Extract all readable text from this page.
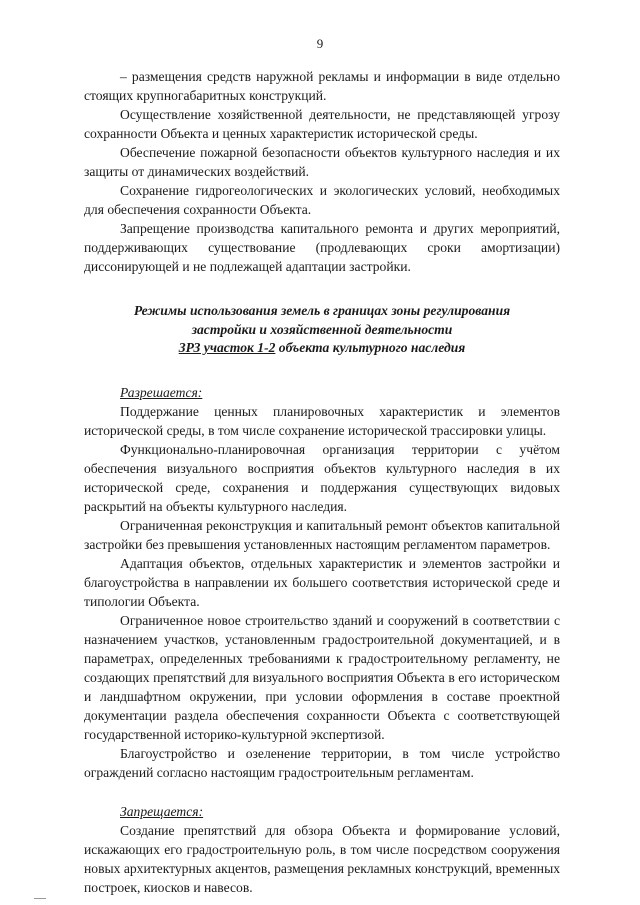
9

– размещения средств наружной рекламы и информации в виде отдельно стоящих крупногабаритных конструкций.

Осуществление хозяйственной деятельности, не представляющей угрозу сохранности Объекта и ценных характеристик исторической среды.

Обеспечение пожарной безопасности объектов культурного наследия и их защиты от динамических воздействий.

Сохранение гидрогеологических и экологических условий, необходимых для обеспечения сохранности Объекта.

Запрещение производства капитального ремонта и других мероприятий, поддерживающих существование (продлевающих сроки амортизации) диссонирующей и не подлежащей адаптации застройки.

Режимы использования земель в границах зоны регулирования
застройки и хозяйственной деятельности
ЗРЗ участок 1-2 объекта культурного наследия
Разрешается:

Поддержание ценных планировочных характеристик и элементов исторической среды, в том числе сохранение исторической трассировки улицы.

Функционально-планировочная организация территории с учётом обеспечения визуального восприятия объектов культурного наследия в их исторической среде, сохранения и поддержания существующих видовых раскрытий на объекты культурного наследия.

Ограниченная реконструкция и капитальный ремонт объектов капитальной застройки без превышения установленных настоящим регламентом параметров.

Адаптация объектов, отдельных характеристик и элементов застройки и благоустройства в направлении их большего соответствия исторической среде и типологии Объекта.

Ограниченное новое строительство зданий и сооружений в соответствии с назначением участков, установленным градостроительной документацией, и в параметрах, определенных требованиями к градостроительному регламенту, не создающих препятствий для визуального восприятия Объекта в его историческом и ландшафтном окружении, при условии оформления в составе проектной документации раздела обеспечения сохранности Объекта с соответствующей государственной историко-культурной экспертизой.

Благоустройство и озеленение территории, в том числе устройство ограждений согласно настоящим градостроительным регламентам.

Запрещается:

Создание препятствий для обзора Объекта и формирование условий, искажающих его градостроительную роль, в том числе посредством сооружения новых архитектурных акцентов, размещения рекламных конструкций, временных построек, киосков и навесов.
